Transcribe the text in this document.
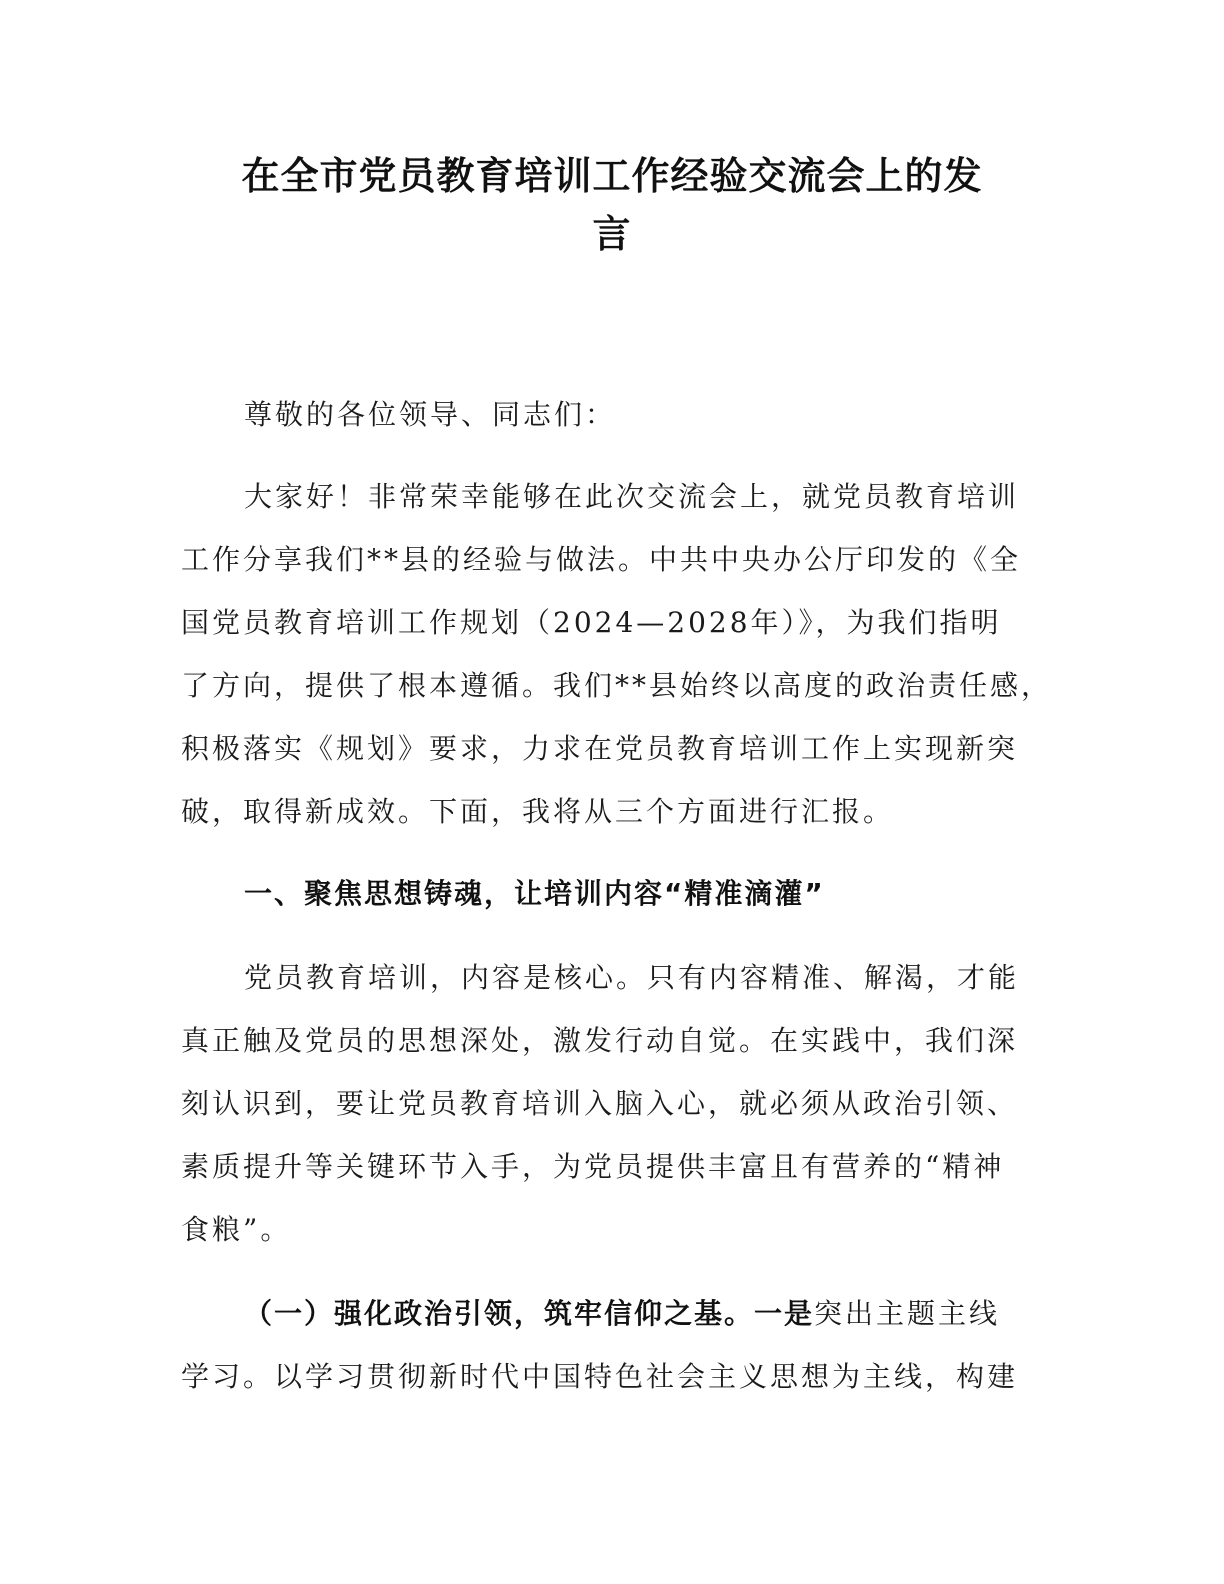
在全市党员教育培训工作经验交流会上的发
言

尊敬的各位领导、同志们：

大家好！非常荣幸能够在此次交流会上，就党员教育培训

工作分享我们**县的经验与做法。中共中央办公厅印发的《全

国党员教育培训工作规划（2024—2028年）》，为我们指明

了方向，提供了根本遵循。我们**县始终以高度的政治责任感，

积极落实《规划》要求，力求在党员教育培训工作上实现新突

破，取得新成效。下面，我将从三个方面进行汇报。

一、聚焦思想铸魂，让培训内容“精准滴灌”

党员教育培训，内容是核心。只有内容精准、解渴，才能

真正触及党员的思想深处，激发行动自觉。在实践中，我们深

刻认识到，要让党员教育培训入脑入心，就必须从政治引领、

素质提升等关键环节入手，为党员提供丰富且有营养的“精神

食粮”。

（一）强化政治引领，筑牢信仰之基。一是突出主题主线

学习。以学习贯彻新时代中国特色社会主义思想为主线，构建
